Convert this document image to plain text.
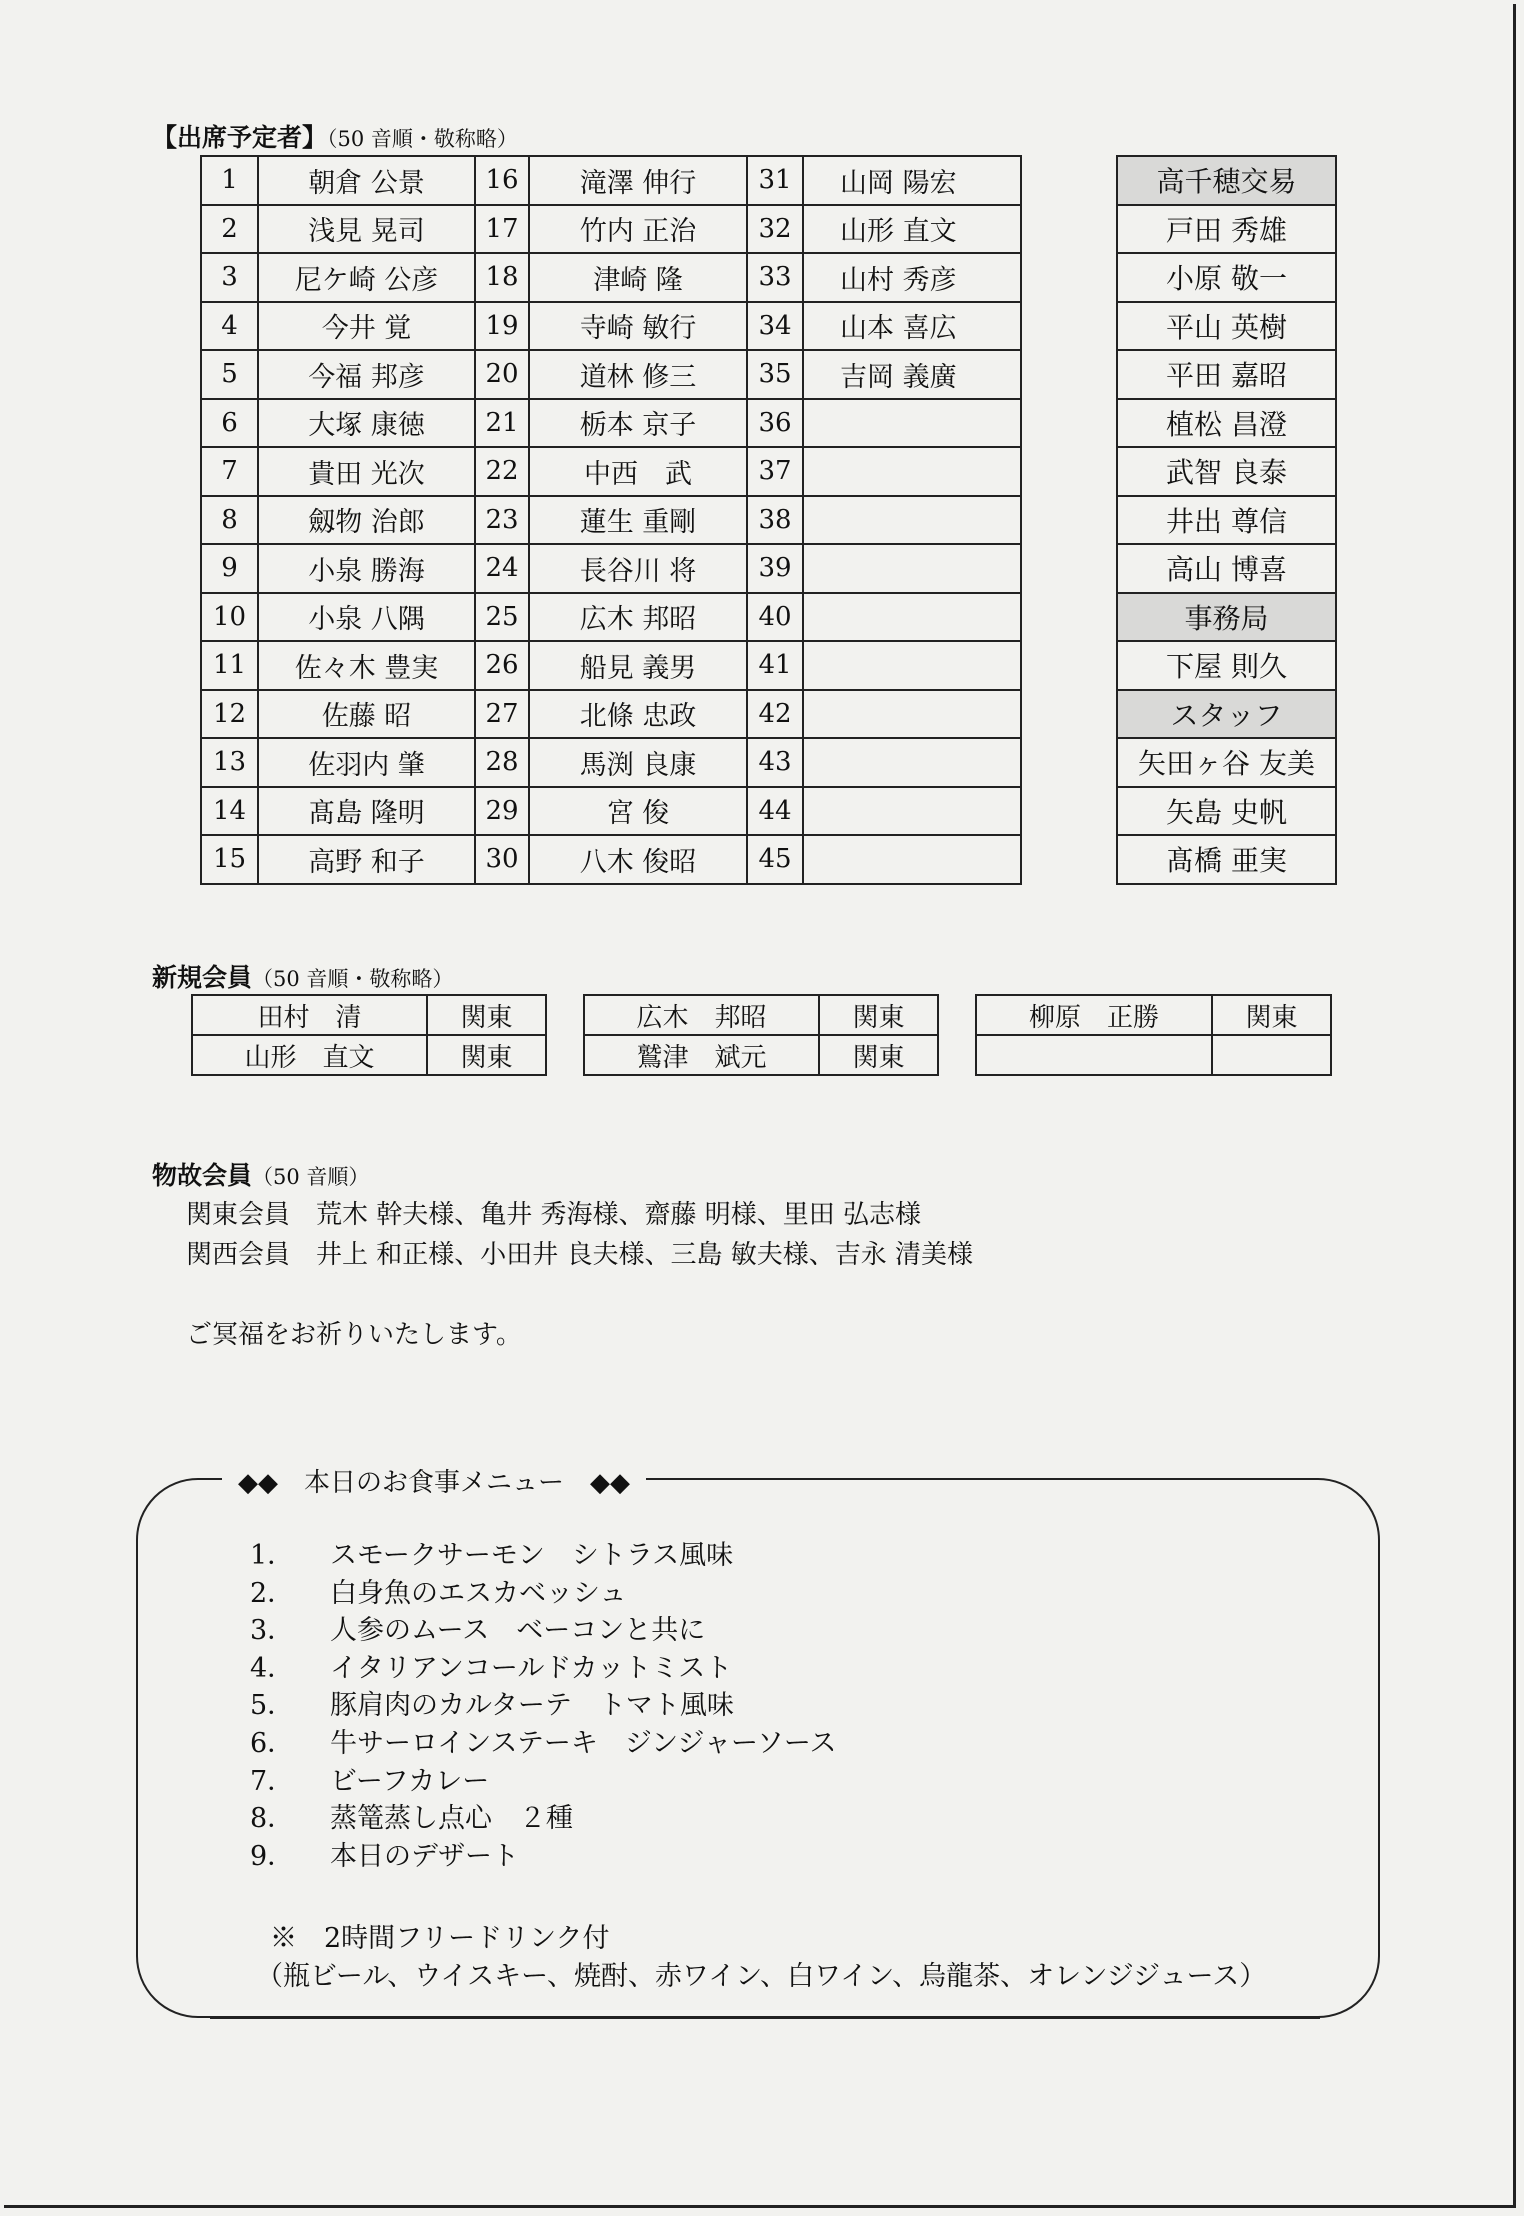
【出席予定者】（50 音順・敬称略）
1	朝倉 公景	16	滝澤 伸行	31	山岡 陽宏
2	浅見 晃司	17	竹内 正治	32	山形 直文
3	尼ケ崎 公彦	18	津崎 隆	33	山村 秀彦
4	今井 覚	19	寺崎 敏行	34	山本 喜広
5	今福 邦彦	20	道林 修三	35	吉岡 義廣
6	大塚 康徳	21	栃本 京子	36	
7	貴田 光次	22	中西　武	37	
8	劔物 治郎	23	蓮生 重剛	38	
9	小泉 勝海	24	長谷川 将	39	
10	小泉 八隅	25	広木 邦昭	40	
11	佐々木 豊実	26	船見 義男	41	
12	佐藤 昭	27	北條 忠政	42	
13	佐羽内 肇	28	馬渕 良康	43	
14	髙島 隆明	29	宮 俊	44	
15	高野 和子	30	八木 俊昭	45	
高千穂交易
戸田 秀雄
小原 敬一
平山 英樹
平田 嘉昭
植松 昌澄
武智 良泰
井出 尊信
高山 博喜
事務局
下屋 則久
スタッフ
矢田ヶ谷 友美
矢島 史帆
髙橋 亜実
新規会員（50 音順・敬称略）
田村　清	関東
山形　直文	関東
広木　邦昭	関東
鷲津　斌元	関東
柳原　正勝	関東

物故会員（50 音順）
関東会員　荒木 幹夫様、亀井 秀海様、齋藤 明様、里田 弘志様
関西会員　井上 和正様、小田井 良夫様、三島 敏夫様、吉永 清美様
ご冥福をお祈りいたします。
◆◆　本日のお食事メニュー　◆◆
1． スモークサーモン　シトラス風味
2． 白身魚のエスカベッシュ
3． 人参のムース　ベーコンと共に
4． イタリアンコールドカットミスト
5． 豚肩肉のカルターテ　トマト風味
6． 牛サーロインステーキ　ジンジャーソース
7． ビーフカレー
8． 蒸篭蒸し点心　２種
9． 本日のデザート
※　2時間フリードリンク付
（瓶ビール、ウイスキー、焼酎、赤ワイン、白ワイン、烏龍茶、オレンジジュース）
